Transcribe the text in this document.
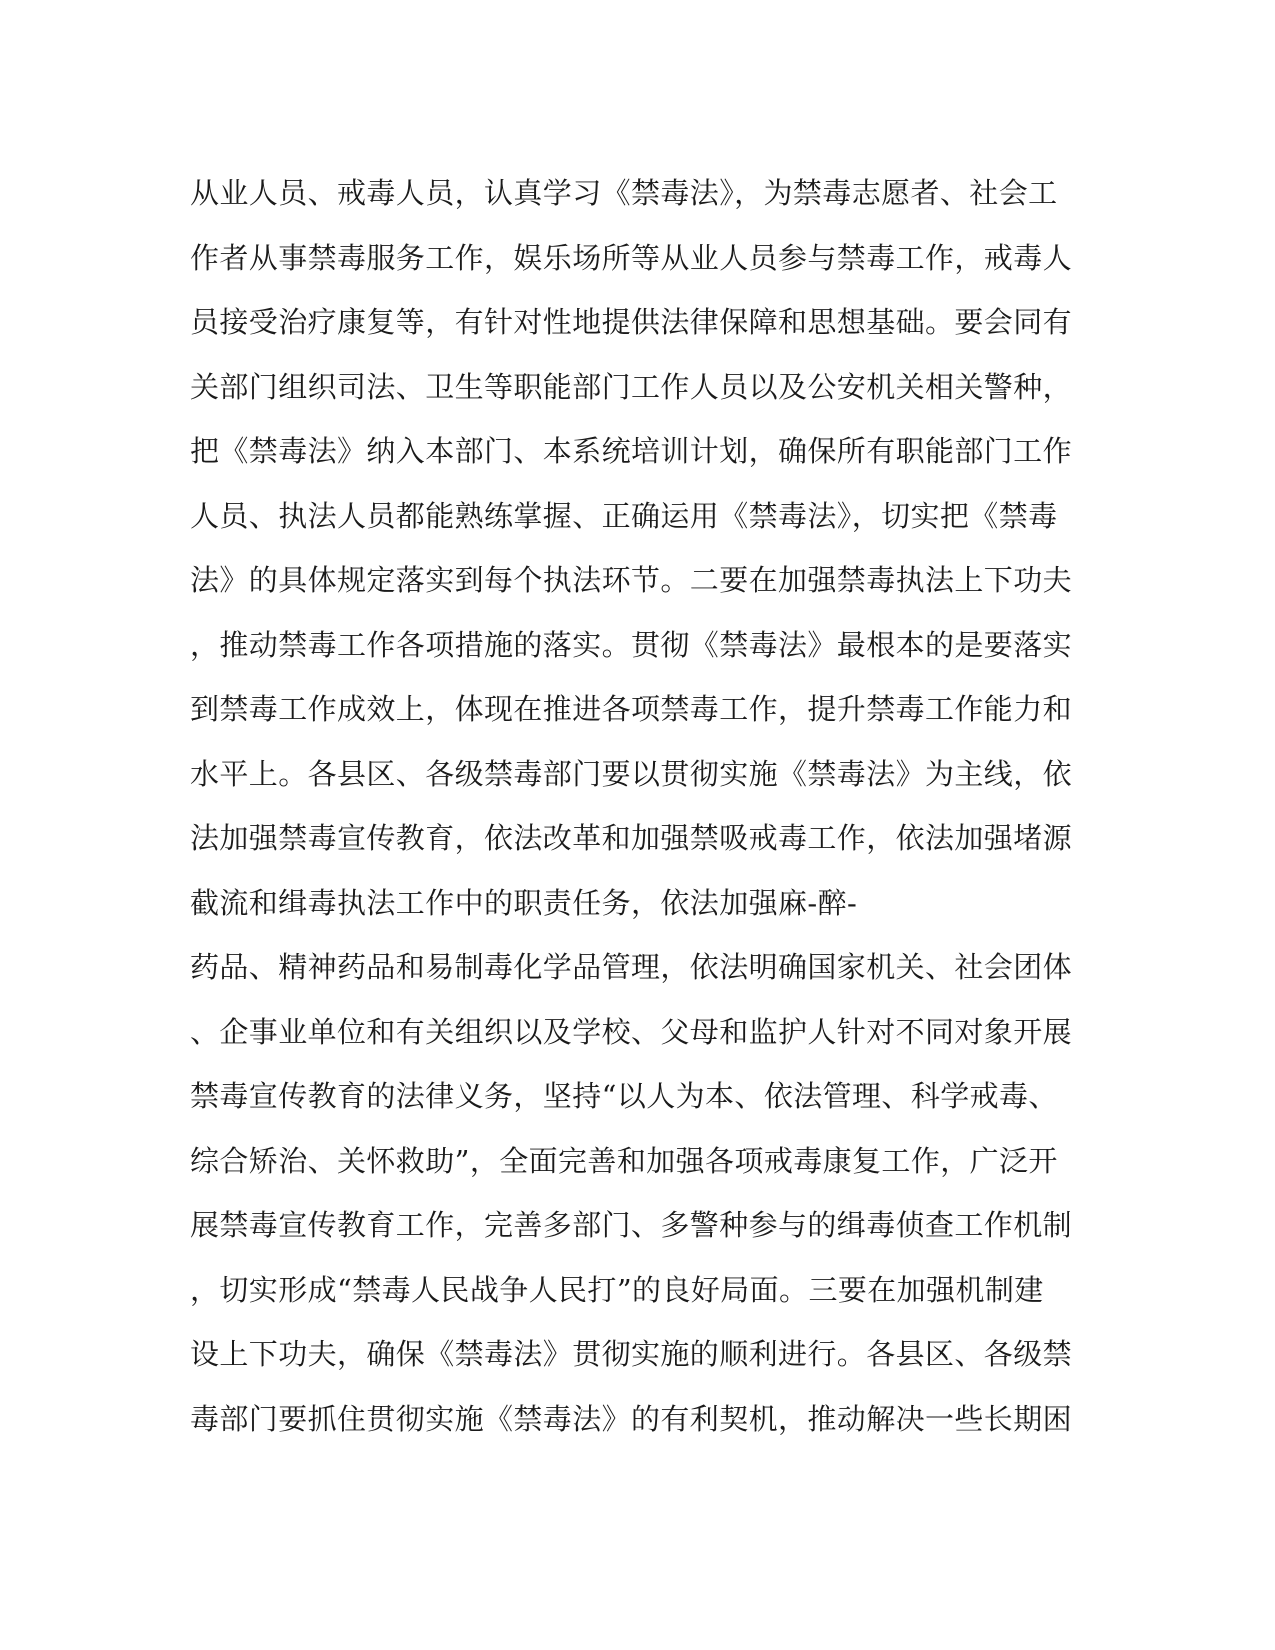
从业人员、戒毒人员，认真学习《禁毒法》，为禁毒志愿者、社会工
作者从事禁毒服务工作，娱乐场所等从业人员参与禁毒工作，戒毒人
员接受治疗康复等，有针对性地提供法律保障和思想基础。要会同有
关部门组织司法、卫生等职能部门工作人员以及公安机关相关警种，
把《禁毒法》纳入本部门、本系统培训计划，确保所有职能部门工作
人员、执法人员都能熟练掌握、正确运用《禁毒法》，切实把《禁毒
法》的具体规定落实到每个执法环节。二要在加强禁毒执法上下功夫
，推动禁毒工作各项措施的落实。贯彻《禁毒法》最根本的是要落实
到禁毒工作成效上，体现在推进各项禁毒工作，提升禁毒工作能力和
水平上。各县区、各级禁毒部门要以贯彻实施《禁毒法》为主线，依
法加强禁毒宣传教育，依法改革和加强禁吸戒毒工作，依法加强堵源
截流和缉毒执法工作中的职责任务，依法加强麻-醉-
药品、精神药品和易制毒化学品管理，依法明确国家机关、社会团体
、企事业单位和有关组织以及学校、父母和监护人针对不同对象开展
禁毒宣传教育的法律义务，坚持“以人为本、依法管理、科学戒毒、
综合矫治、关怀救助”，全面完善和加强各项戒毒康复工作，广泛开
展禁毒宣传教育工作，完善多部门、多警种参与的缉毒侦查工作机制
，切实形成“禁毒人民战争人民打”的良好局面。三要在加强机制建
设上下功夫，确保《禁毒法》贯彻实施的顺利进行。各县区、各级禁
毒部门要抓住贯彻实施《禁毒法》的有利契机，推动解决一些长期困
